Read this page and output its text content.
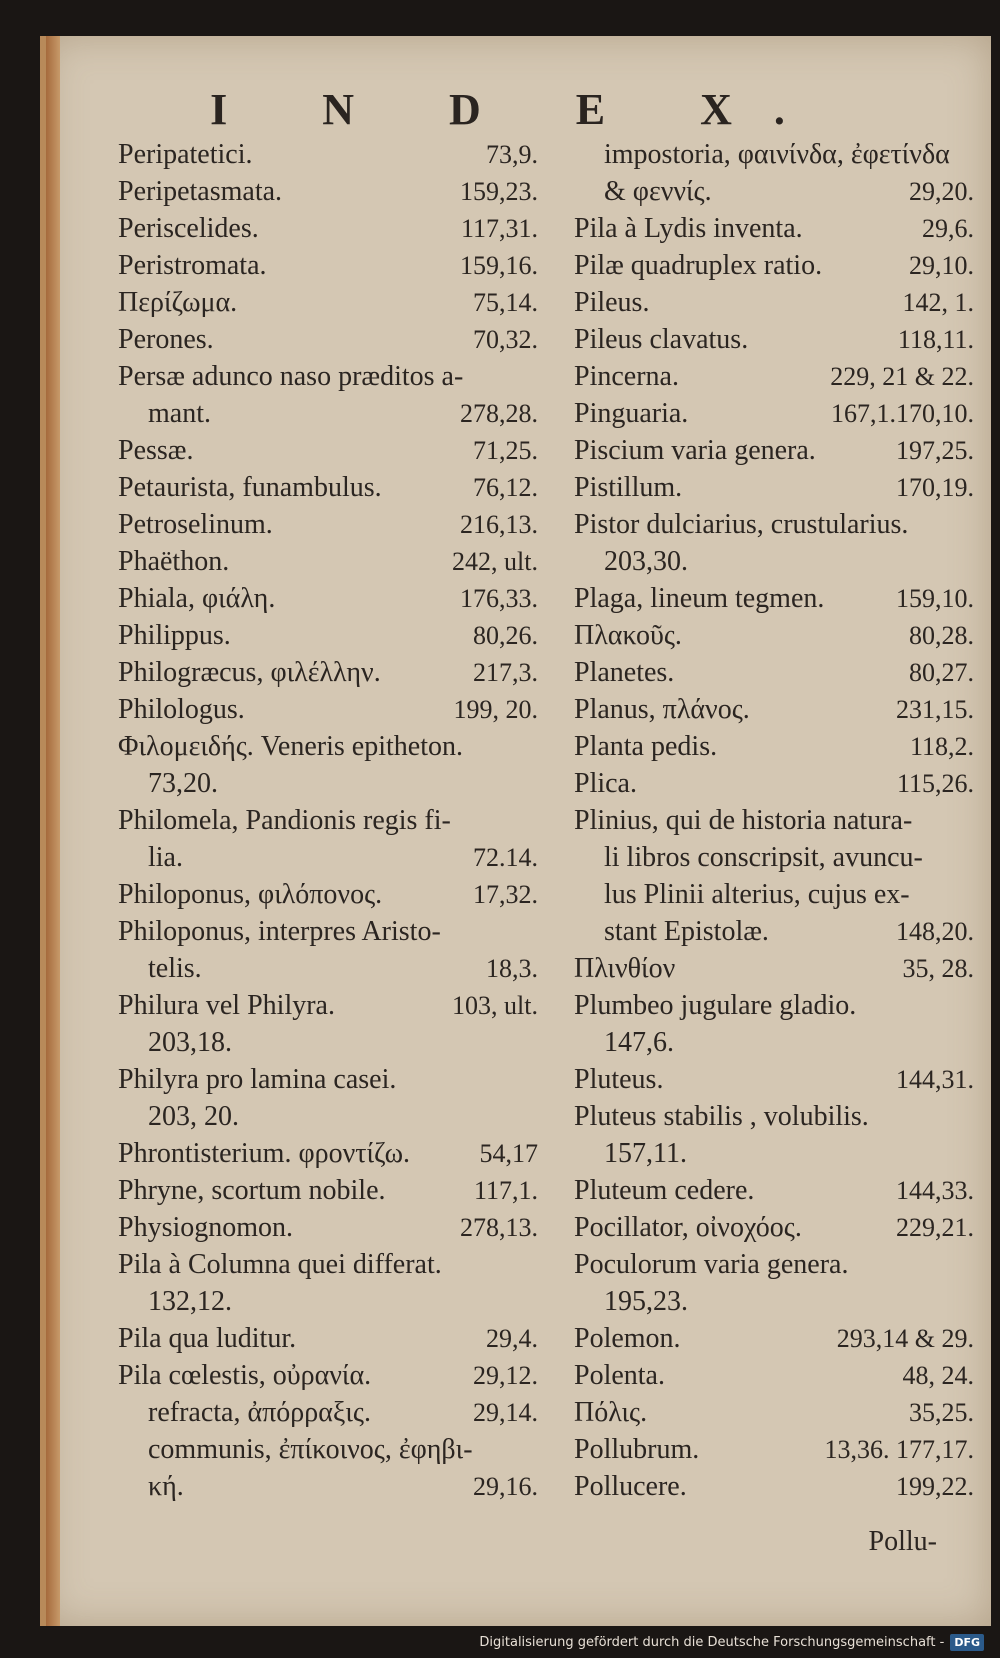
I N D E X.
Peripatetici.	73,9.
Peripetasmata.	159,23.
Periscelides.	117,31.
Peristromata.	159,16.
Περίζωμα.	75,14.
Perones.	70,32.
Persæ adunco naso præditos a-
mant.	278,28.
Pessæ.	71,25.
Petaurista, funambulus.	76,12.
Petroselinum.	216,13.
Phaëthon.	242, ult.
Phiala, φιάλη.	176,33.
Philippus.	80,26.
Philogræcus, φιλέλλην.	217,3.
Philologus.	199, 20.
Φιλομειδής. Veneris epitheton.
73,20.
Philomela, Pandionis regis fi-
lia.	72.14.
Philoponus, φιλόπονος.	17,32.
Philoponus, interpres Aristo-
telis.	18,3.
Philura vel Philyra.	103, ult.
203,18.
Philyra pro lamina casei.
203, 20.
Phrontisterium. φροντίζω.	54,17
Phryne, scortum nobile.	117,1.
Physiognomon.	278,13.
Pila à Columna quei differat.
132,12.
Pila qua luditur.	29,4.
Pila cœlestis, οὐρανία.	29,12.
refracta, ἀπόρραξις.	29,14.
communis, ἐπίκοινος, ἐφηβι-
κή.	29,16.
impostoria, φαινίνδα, ἐφετίνδα
& φεννίς.	29,20.
Pila à Lydis inventa.	29,6.
Pilæ quadruplex ratio.	29,10.
Pileus.	142, 1.
Pileus clavatus.	118,11.
Pincerna.	229, 21 & 22.
Pinguaria.	167,1.170,10.
Piscium varia genera.	197,25.
Pistillum.	170,19.
Pistor dulciarius, crustularius.
203,30.
Plaga, lineum tegmen.	159,10.
Πλακοῦς.	80,28.
Planetes.	80,27.
Planus, πλάνος.	231,15.
Planta pedis.	118,2.
Plica.	115,26.
Plinius, qui de historia natura-
li libros conscripsit, avuncu-
lus Plinii alterius, cujus ex-
stant Epistolæ.	148,20.
Πλινθίον	35, 28.
Plumbeo jugulare gladio.
147,6.
Pluteus.	144,31.
Pluteus stabilis , volubilis.
157,11.
Pluteum cedere.	144,33.
Pocillator, οἰνοχόος.	229,21.
Poculorum varia genera.
195,23.
Polemon.	293,14 & 29.
Polenta.	48, 24.
Πόλις.	35,25.
Pollubrum.	13,36. 177,17.
Pollucere.	199,22.
Pollu-
Digitalisierung gefördert durch die Deutsche Forschungsgemeinschaft - DFG
